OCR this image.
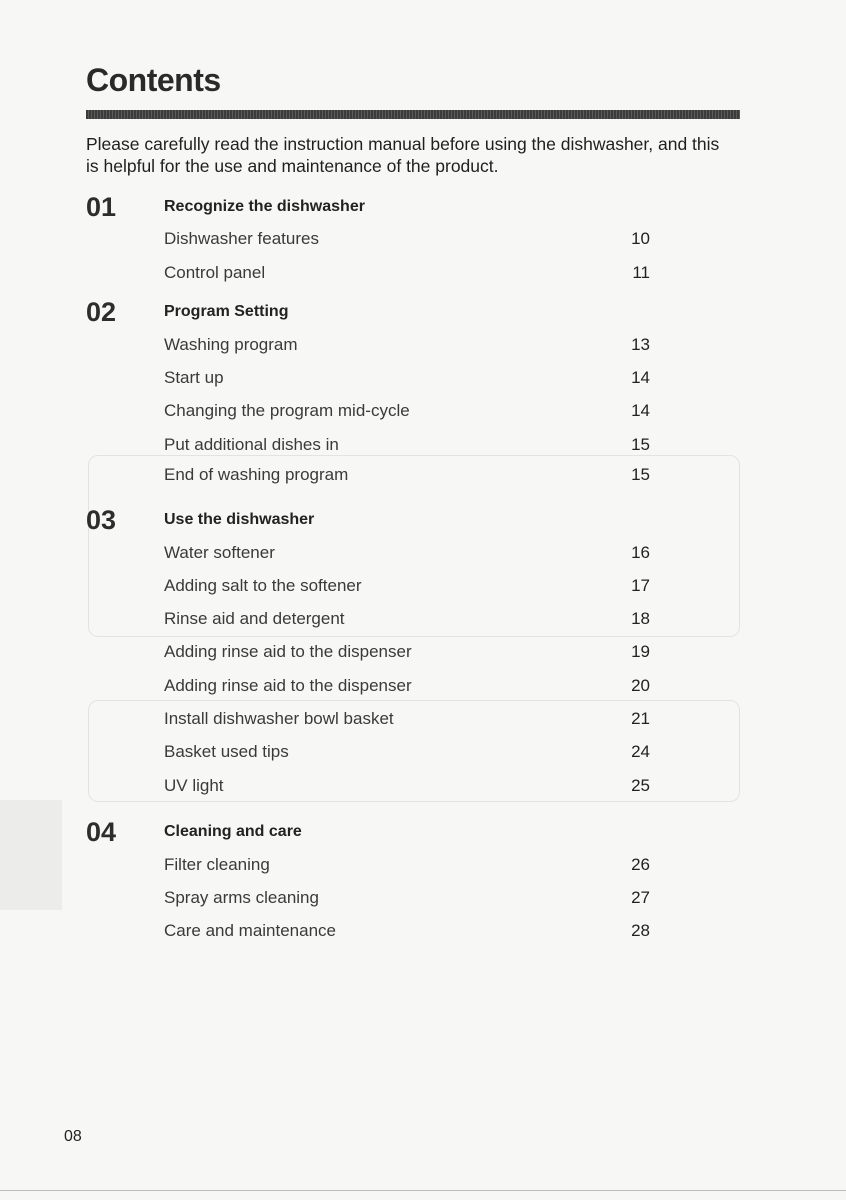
Contents
Please carefully read the instruction manual before using the dishwasher, and this is helpful for the use and maintenance of the product.
01	Recognize the dishwasher
Dishwasher features	10
Control panel	11
02	Program Setting
Washing program	13
Start up	14
Changing the program mid-cycle	14
Put additional dishes in	15
End of washing program	15
03	Use the dishwasher
Water softener	16
Adding salt to the softener	17
Rinse aid and detergent	18
Adding rinse aid to the dispenser	19
Adding rinse aid to the dispenser	20
Install dishwasher bowl basket	21
Basket used tips	24
UV light	25
04	Cleaning and care
Filter cleaning	26
Spray arms cleaning	27
Care and maintenance	28
08
